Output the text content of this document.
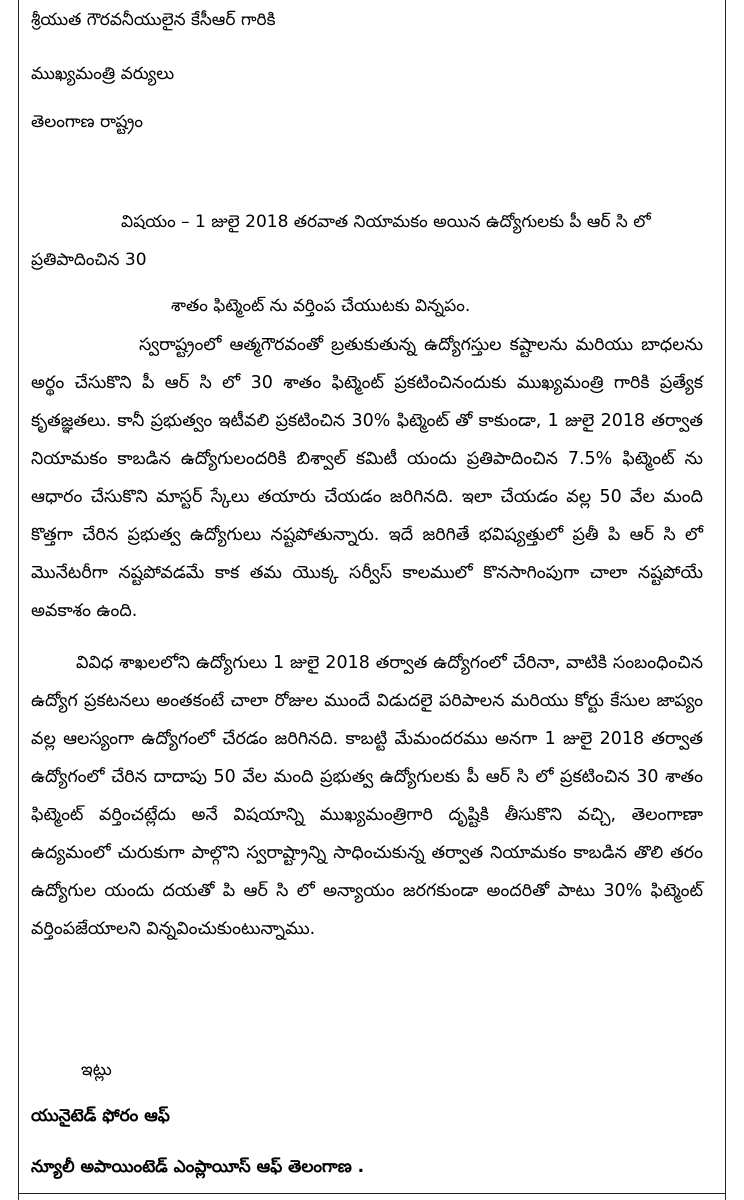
శ్రీయుత గౌరవనీయులైన కేసీఆర్ గారికి
ముఖ్యమంత్రి వర్యులు
తెలంగాణ రాష్ట్రం
విషయం – 1 జులై 2018 తరవాత నియామకం అయిన ఉద్యోగులకు పీ ఆర్ సి లో
ప్రతిపాదించిన 30
శాతం ఫిట్మెంట్ ను వర్తింప చేయుటకు విన్నపం.
స్వరాష్ట్రంలో ఆత్మగౌరవంతో బ్రతుకుతున్న ఉద్యోగస్తుల కష్టాలను మరియు బాధలను అర్థం చేసుకొని పీ ఆర్ సి లో 30 శాతం ఫిట్మెంట్ ప్రకటించినందుకు ముఖ్యమంత్రి గారికి ప్రత్యేక కృతజ్ఞతలు. కానీ ప్రభుత్వం ఇటీవలి ప్రకటించిన 30% ఫిట్మెంట్ తో కాకుండా, 1 జులై 2018 తర్వాత నియామకం కాబడిన ఉద్యోగులందరికి బిశ్వాల్ కమిటీ యందు ప్రతిపాదించిన 7.5% ఫిట్మెంట్ ను ఆధారం చేసుకొని మాస్టర్ స్కేలు తయారు చేయడం జరిగినది. ఇలా చేయడం వల్ల 50 వేల మంది కొత్తగా చేరిన ప్రభుత్వ ఉద్యోగులు నష్టపోతున్నారు. ఇదే జరిగితే భవిష్యత్తులో ప్రతీ పి ఆర్ సి లో మొనేటరీగా నష్టపోవడమే కాక తమ యొక్క సర్వీస్ కాలములో కొనసాగింపుగా చాలా నష్టపోయే అవకాశం ఉంది.
వివిధ శాఖలలోని ఉద్యోగులు 1 జులై 2018 తర్వాత ఉద్యోగంలో చేరినా, వాటికి సంబంధించిన ఉద్యోగ ప్రకటనలు అంతకంటే చాలా రోజుల ముందే విడుదలై పరిపాలన మరియు కోర్టు కేసుల జాప్యం వల్ల ఆలస్యంగా ఉద్యోగంలో చేరడం జరిగినది. కాబట్టి మేమందరము అనగా 1 జులై 2018 తర్వాత ఉద్యోగంలో చేరిన దాదాపు 50 వేల మంది ప్రభుత్వ ఉద్యోగులకు పీ ఆర్ సి లో ప్రకటించిన 30 శాతం ఫిట్మెంట్ వర్తించట్లేదు అనే విషయాన్ని ముఖ్యమంత్రిగారి దృష్టికి తీసుకొని వచ్చి, తెలంగాణా ఉద్యమంలో చురుకుగా పాల్గొని స్వరాష్ట్రాన్ని సాధించుకున్న తర్వాత నియామకం కాబడిన తొలి తరం ఉద్యోగుల యందు దయతో పి ఆర్ సి లో అన్యాయం జరగకుండా అందరితో పాటు 30% ఫిట్మెంట్ వర్తింపజేయాలని విన్నవించుకుంటున్నాము.
ఇట్లు
యునైటెడ్ ఫోరం ఆఫ్
న్యూలీ అపాయింటెడ్ ఎంప్లాయీస్ ఆఫ్ తెలంగాణ .
